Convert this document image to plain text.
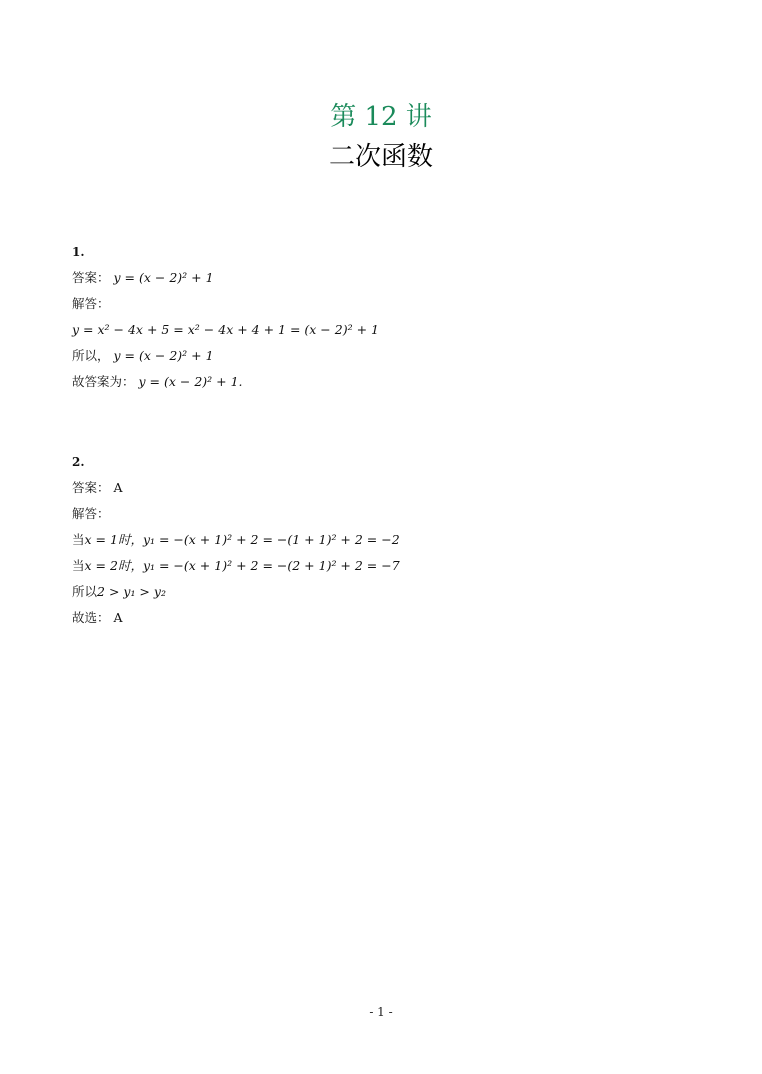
第 12 讲
二次函数
1.
答案： y = (x − 2)² + 1
解答：
y = x² − 4x + 5 = x² − 4x + 4 + 1 = (x − 2)² + 1
所以， y = (x − 2)² + 1
故答案为： y = (x − 2)² + 1.
2.
答案： A
解答：
当x = 1时，y₁ = −(x + 1)² + 2 = −(1 + 1)² + 2 = −2
当x = 2时，y₁ = −(x + 1)² + 2 = −(2 + 1)² + 2 = −7
所以2 > y₁ > y₂
故选： A
- 1 -
